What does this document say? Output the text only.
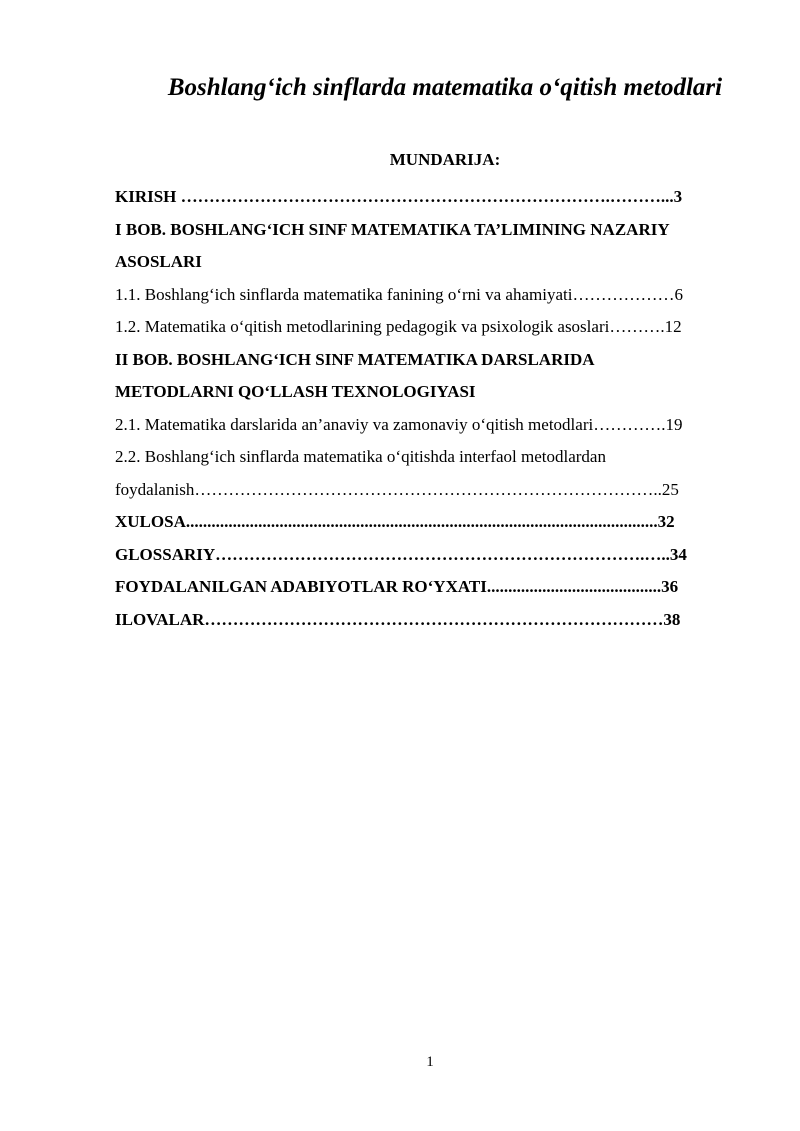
Boshlang‘ich sinflarda matematika o‘qitish metodlari
MUNDARIJA:
KIRISH ………………………………………………………………….………...3
I BOB. BOSHLANG‘ICH SINF MATEMATIKA TA’LIMINING NAZARIY
ASOSLARI
1.1. Boshlang‘ich sinflarda matematika fanining o‘rni va ahamiyati………………6
1.2. Matematika o‘qitish metodlarining pedagogik va psixologik asoslari……….12
II BOB. BOSHLANG‘ICH SINF MATEMATIKA DARSLARIDA
METODLARNI QO‘LLASH TEXNOLOGIYASI
2.1. Matematika darslarida an’anaviy va zamonaviy o‘qitish metodlari………….19
2.2. Boshlang‘ich sinflarda matematika o‘qitishda interfaol metodlardan
foydalanish………………………………………………………………………..25
XULOSA...............................................................................................................32
GLOSSARIY………………………………………………………………….…..34
FOYDALANILGAN ADABIYOTLAR RO‘YXATI.........................................36
ILOVALAR………………………………………………………………………38
1
